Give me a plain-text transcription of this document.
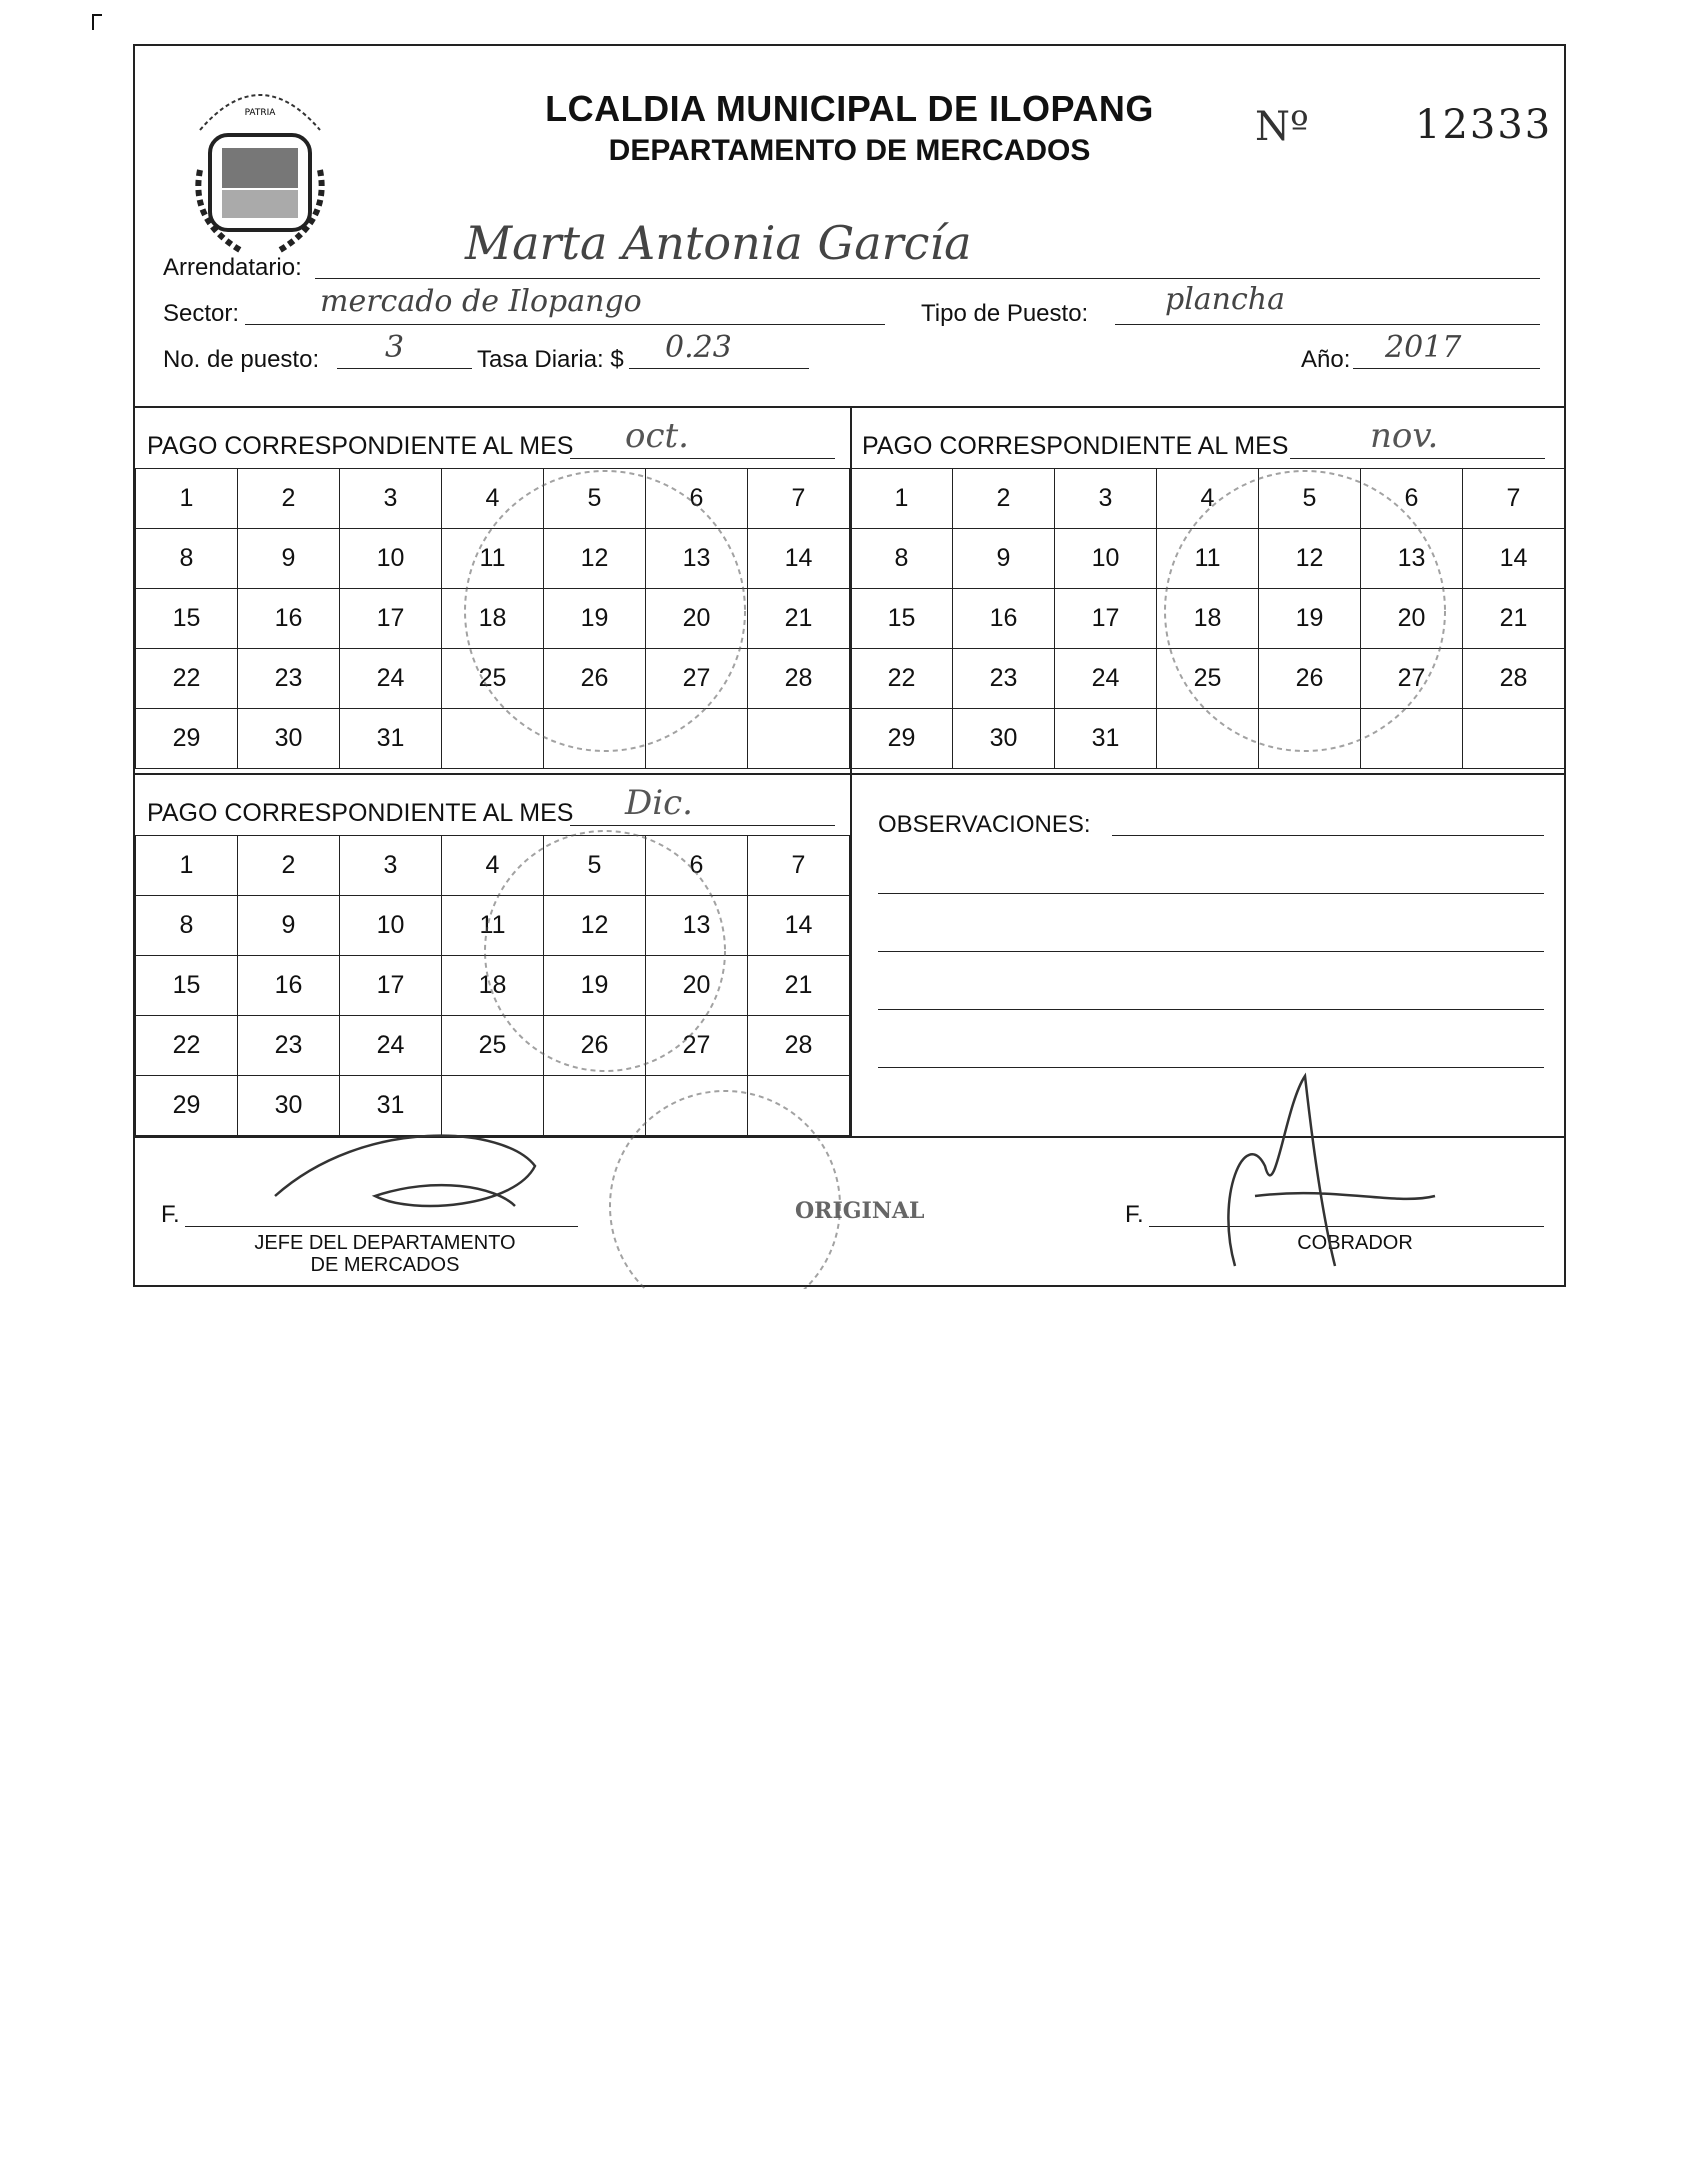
PATRIA	LCALDIA MUNICIPAL DE ILOPANG
DEPARTAMENTO DE MERCADOS
Nº	12333
Arrendatario:	Marta Antonia García
Sector:	mercado de Ilopango	Tipo de Puesto:	plancha
No. de puesto: 3	Tasa Diaria: $ 0.23	Año: 2017
PAGO CORRESPONDIENTE AL MES oct.
1	2	3	4	5	6	7
8	9	10	11	12	13	14
15	16	17	18	19	20	21
22	23	24	25	26	27	28
29	30	31				
PAGO CORRESPONDIENTE AL MES nov.
1	2	3	4	5	6	7
8	9	10	11	12	13	14
15	16	17	18	19	20	21
22	23	24	25	26	27	28
29	30	31				
PAGO CORRESPONDIENTE AL MES Dic.
1	2	3	4	5	6	7
8	9	10	11	12	13	14
15	16	17	18	19	20	21
22	23	24	25	26	27	28
29	30	31				
OBSERVACIONES:
ORIGINAL
F.
JEFE DEL DEPARTAMENTO
DE MERCADOS
F.
COBRADOR
